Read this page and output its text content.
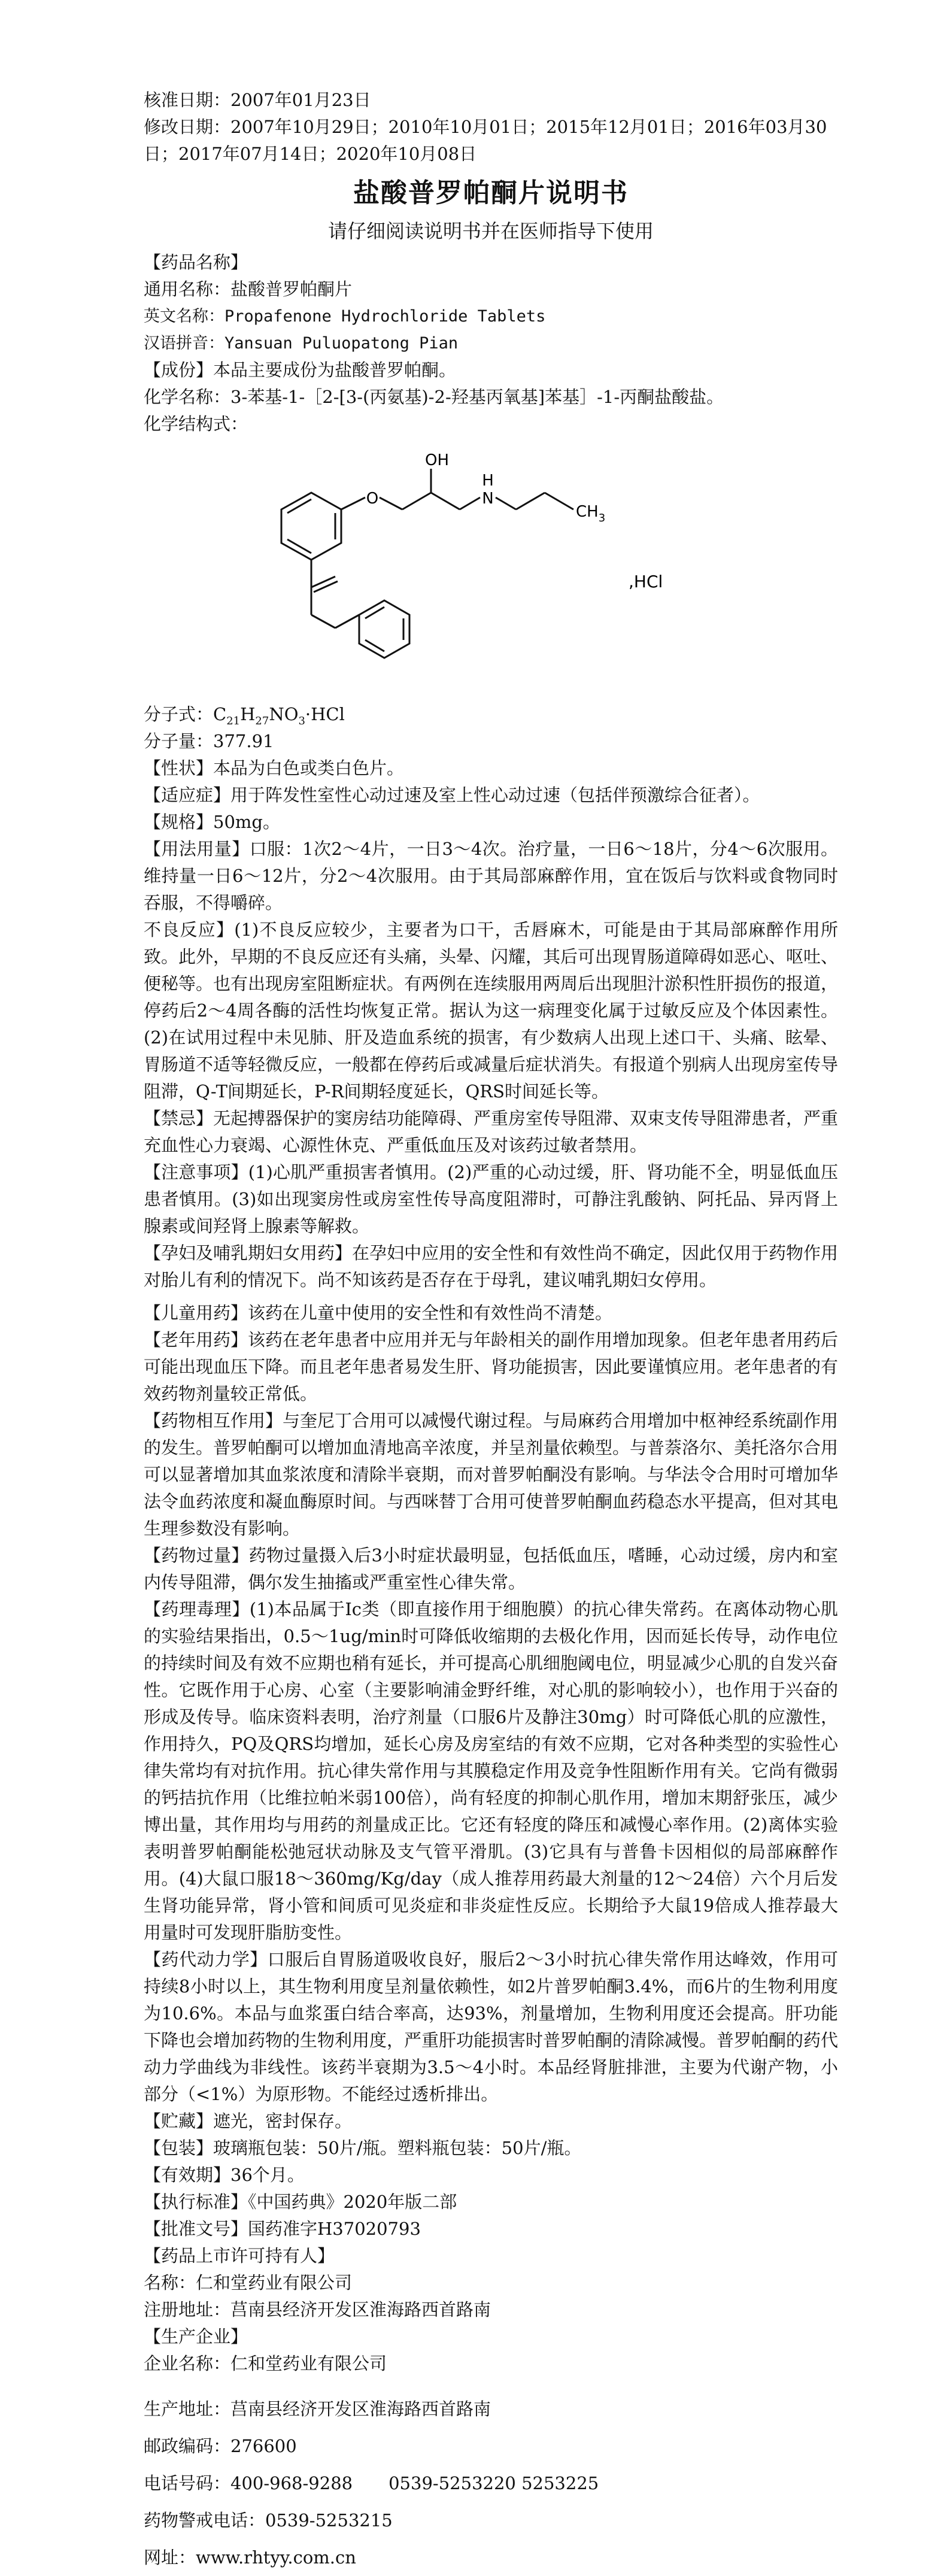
核准日期：2007年01月23日

修改日期：2007年10月29日；2010年10月01日；2015年12月01日；2016年03月30

日；2017年07月14日；2020年10月08日

盐酸普罗帕酮片说明书
请仔细阅读说明书并在医师指导下使用

【药品名称】

通用名称：盐酸普罗帕酮片

英文名称：Propafenone Hydrochloride Tablets

汉语拼音：Yansuan Puluopatong Pian

【成份】本品主要成份为盐酸普罗帕酮。

化学名称：3-苯基-1-［2-[3-(丙氨基)-2-羟基丙氧基]苯基］-1-丙酮盐酸盐。

化学结构式：

O
OH
H
N
$CH_3$
,HCl

分子式：$C_{21}H_{27}NO_3\cdot HCl$

分子量：377.91

【性状】本品为白色或类白色片。

【适应症】用于阵发性室性心动过速及室上性心动过速（包括伴预激综合征者）。

【规格】50mg。

【用法用量】口服：1次2～4片，一日3～4次。治疗量，一日6～18片，分4～6次服用。维持量一日6～12片，分2～4次服用。由于其局部麻醉作用，宜在饭后与饮料或食物同时吞服，不得嚼碎。

不良反应】(1)不良反应较少，主要者为口干，舌唇麻木，可能是由于其局部麻醉作用所致。此外，早期的不良反应还有头痛，头晕、闪耀，其后可出现胃肠道障碍如恶心、呕吐、便秘等。也有出现房室阻断症状。有两例在连续服用两周后出现胆汁淤积性肝损伤的报道，停药后2～4周各酶的活性均恢复正常。据认为这一病理变化属于过敏反应及个体因素性。(2)在试用过程中未见肺、肝及造血系统的损害，有少数病人出现上述口干、头痛、眩晕、胃肠道不适等轻微反应，一般都在停药后或减量后症状消失。有报道个别病人出现房室传导阻滞，Q-T间期延长，P-R间期轻度延长，QRS时间延长等。

【禁忌】无起搏器保护的窦房结功能障碍、严重房室传导阻滞、双束支传导阻滞患者，严重充血性心力衰竭、心源性休克、严重低血压及对该药过敏者禁用。

【注意事项】(1)心肌严重损害者慎用。(2)严重的心动过缓，肝、肾功能不全，明显低血压患者慎用。(3)如出现窦房性或房室性传导高度阻滞时，可静注乳酸钠、阿托品、异丙肾上腺素或间羟肾上腺素等解救。

【孕妇及哺乳期妇女用药】在孕妇中应用的安全性和有效性尚不确定，因此仅用于药物作用对胎儿有利的情况下。尚不知该药是否存在于母乳，建议哺乳期妇女停用。

【儿童用药】该药在儿童中使用的安全性和有效性尚不清楚。

【老年用药】该药在老年患者中应用并无与年龄相关的副作用增加现象。但老年患者用药后可能出现血压下降。而且老年患者易发生肝、肾功能损害，因此要谨慎应用。老年患者的有效药物剂量较正常低。

【药物相互作用】与奎尼丁合用可以减慢代谢过程。与局麻药合用增加中枢神经系统副作用的发生。普罗帕酮可以增加血清地高辛浓度，并呈剂量依赖型。与普萘洛尔、美托洛尔合用可以显著增加其血浆浓度和清除半衰期，而对普罗帕酮没有影响。与华法令合用时可增加华法令血药浓度和凝血酶原时间。与西咪替丁合用可使普罗帕酮血药稳态水平提高，但对其电生理参数没有影响。

【药物过量】药物过量摄入后3小时症状最明显，包括低血压，嗜睡，心动过缓，房内和室内传导阻滞，偶尔发生抽搐或严重室性心律失常。

【药理毒理】(1)本品属于Ic类（即直接作用于细胞膜）的抗心律失常药。在离体动物心肌的实验结果指出，0.5～1ug/min时可降低收缩期的去极化作用，因而延长传导，动作电位的持续时间及有效不应期也稍有延长，并可提高心肌细胞阈电位，明显减少心肌的自发兴奋性。它既作用于心房、心室（主要影响浦金野纤维，对心肌的影响较小），也作用于兴奋的形成及传导。临床资料表明，治疗剂量（口服6片及静注30mg）时可降低心肌的应激性，作用持久，PQ及QRS均增加，延长心房及房室结的有效不应期，它对各种类型的实验性心律失常均有对抗作用。抗心律失常作用与其膜稳定作用及竞争性阻断作用有关。它尚有微弱的钙拮抗作用（比维拉帕米弱100倍），尚有轻度的抑制心肌作用，增加末期舒张压，减少博出量，其作用均与用药的剂量成正比。它还有轻度的降压和减慢心率作用。(2)离体实验表明普罗帕酮能松弛冠状动脉及支气管平滑肌。(3)它具有与普鲁卡因相似的局部麻醉作用。(4)大鼠口服18～360mg/Kg/day（成人推荐用药最大剂量的12～24倍）六个月后发生肾功能异常，肾小管和间质可见炎症和非炎症性反应。长期给予大鼠19倍成人推荐最大用量时可发现肝脂肪变性。

【药代动力学】口服后自胃肠道吸收良好，服后2～3小时抗心律失常作用达峰效，作用可持续8小时以上，其生物利用度呈剂量依赖性，如2片普罗帕酮3.4%，而6片的生物利用度为10.6%。本品与血浆蛋白结合率高，达93%，剂量增加，生物利用度还会提高。肝功能下降也会增加药物的生物利用度，严重肝功能损害时普罗帕酮的清除减慢。普罗帕酮的药代动力学曲线为非线性。该药半衰期为3.5～4小时。本品经肾脏排泄，主要为代谢产物，小部分（<1%）为原形物。不能经过透析排出。

【贮藏】遮光，密封保存。

【包装】玻璃瓶包装：50片/瓶。塑料瓶包装：50片/瓶。

【有效期】36个月。

【执行标准】《中国药典》2020年版二部

【批准文号】国药准字H37020793

【药品上市许可持有人】

名称：仁和堂药业有限公司

注册地址：莒南县经济开发区淮海路西首路南

【生产企业】

企业名称：仁和堂药业有限公司

生产地址：莒南县经济开发区淮海路西首路南

邮政编码：276600

电话号码：400-968-9288 0539-5253220 5253225

药物警戒电话：0539-5253215

网址：www.rhtyy.com.cn
